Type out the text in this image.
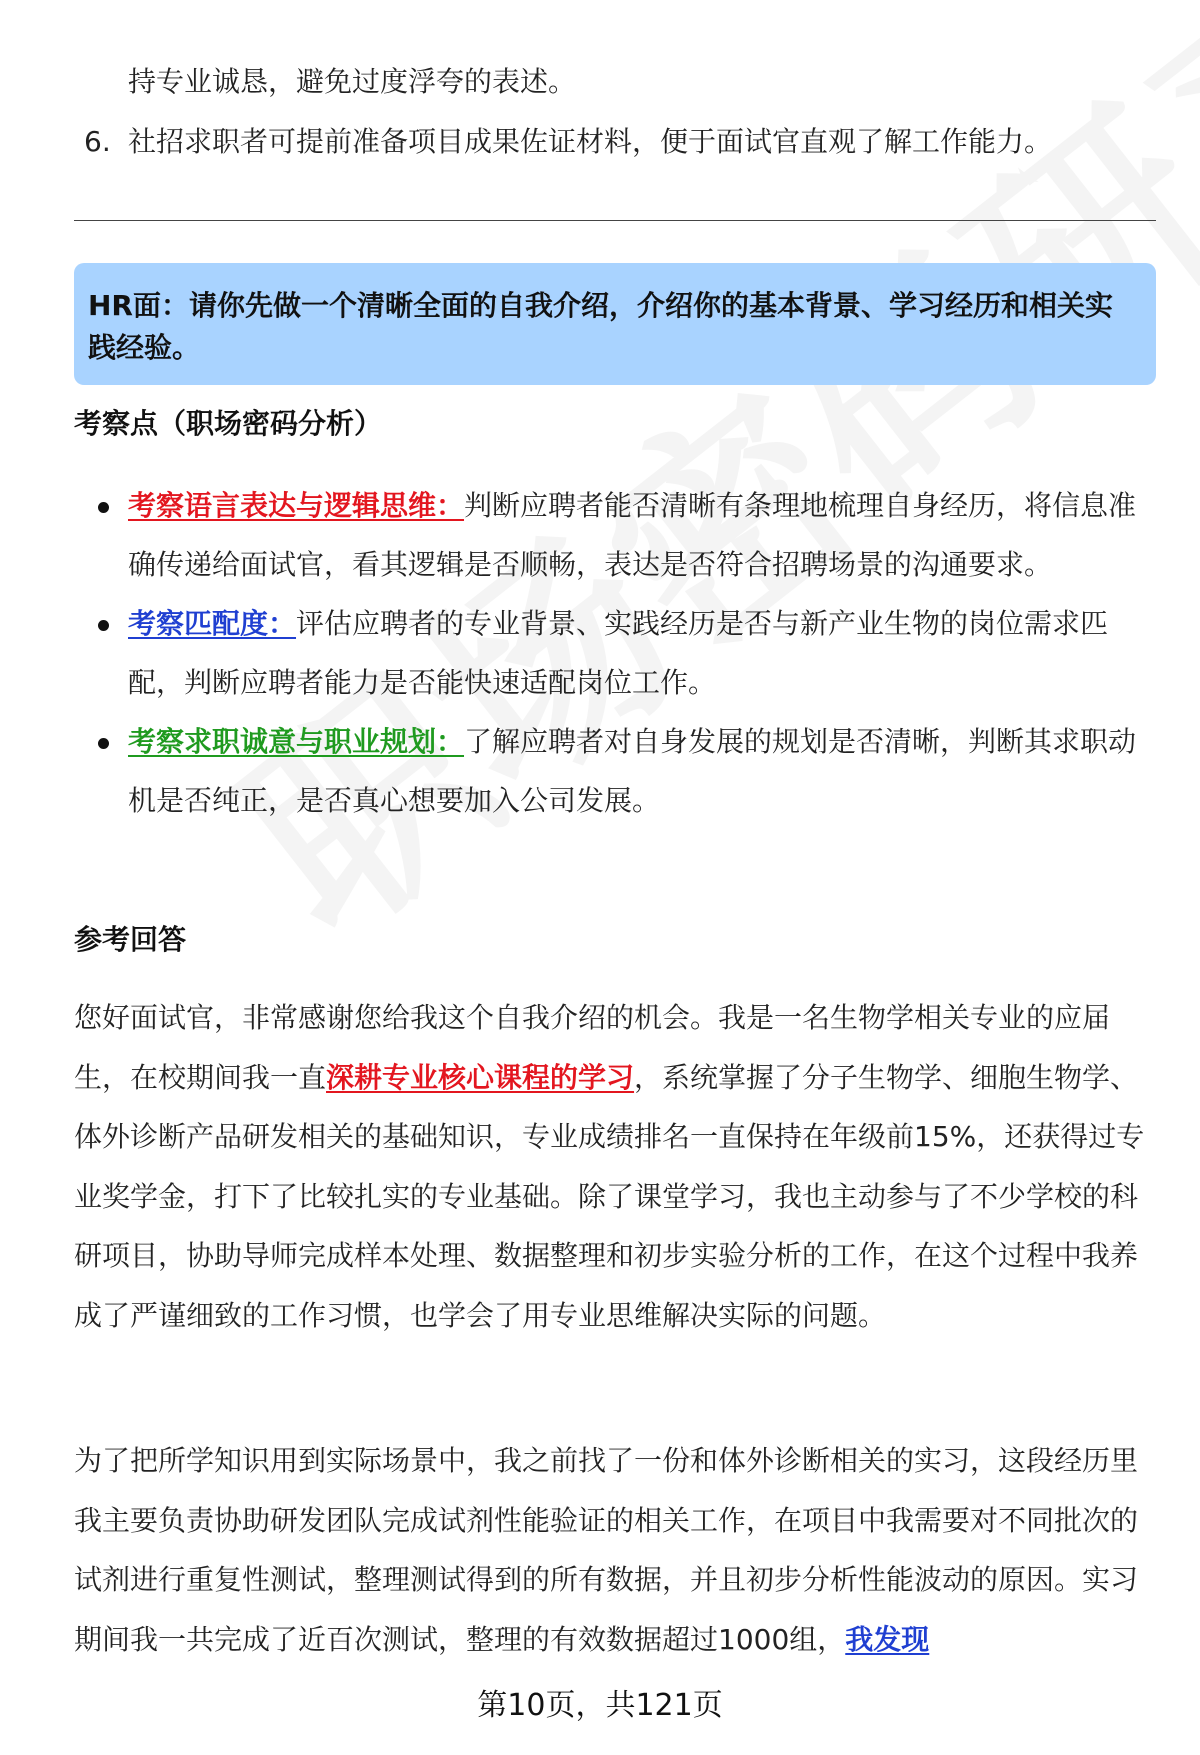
持专业诚恳，避免过度浮夸的表述。
6. 社招求职者可提前准备项目成果佐证材料，便于面试官直观了解工作能力。
HR面：请你先做一个清晰全面的自我介绍，介绍你的基本背景、学习经历和相关实践经验。
考察点（职场密码分析）
考察语言表达与逻辑思维：判断应聘者能否清晰有条理地梳理自身经历，将信息准确传递给面试官，看其逻辑是否顺畅，表达是否符合招聘场景的沟通要求。
考察匹配度：评估应聘者的专业背景、实践经历是否与新产业生物的岗位需求匹配，判断应聘者能力是否能快速适配岗位工作。
考察求职诚意与职业规划：了解应聘者对自身发展的规划是否清晰，判断其求职动机是否纯正，是否真心想要加入公司发展。
参考回答
您好面试官，非常感谢您给我这个自我介绍的机会。我是一名生物学相关专业的应届生，在校期间我一直深耕专业核心课程的学习，系统掌握了分子生物学、细胞生物学、体外诊断产品研发相关的基础知识，专业成绩排名一直保持在年级前15%，还获得过专业奖学金，打下了比较扎实的专业基础。除了课堂学习，我也主动参与了不少学校的科研项目，协助导师完成样本处理、数据整理和初步实验分析的工作，在这个过程中我养成了严谨细致的工作习惯，也学会了用专业思维解决实际的问题。
为了把所学知识用到实际场景中，我之前找了一份和体外诊断相关的实习，这段经历里我主要负责协助研发团队完成试剂性能验证的相关工作，在项目中我需要对不同批次的试剂进行重复性测试，整理测试得到的所有数据，并且初步分析性能波动的原因。实习期间我一共完成了近百次测试，整理的有效数据超过1000组，我发现
第10页，共121页
